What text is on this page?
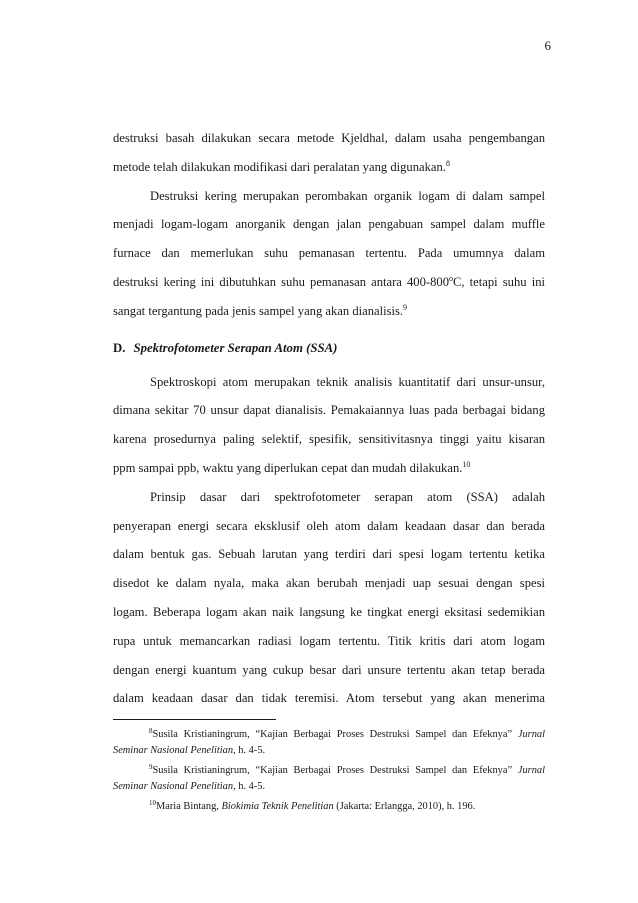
6

destruksi basah dilakukan secara metode Kjeldhal, dalam usaha pengembangan

metode telah dilakukan modifikasi dari peralatan yang digunakan.$^8$

Destruksi kering merupakan perombakan organik logam di dalam sampel

menjadi logam-logam anorganik dengan jalan pengabuan sampel dalam muffle

furnace dan memerlukan suhu pemanasan tertentu. Pada umumnya dalam

destruksi kering ini dibutuhkan suhu pemanasan antara 400-800$^o$C, tetapi suhu ini

sangat tergantung pada jenis sampel yang akan dianalisis.$^9$

D. Spektrofotometer Serapan Atom (SSA)

Spektroskopi atom merupakan teknik analisis kuantitatif dari unsur-unsur,

dimana sekitar 70 unsur dapat dianalisis. Pemakaiannya luas pada berbagai bidang

karena prosedurnya paling selektif, spesifik, sensitivitasnya tinggi yaitu kisaran

ppm sampai ppb, waktu yang diperlukan cepat dan mudah dilakukan.$^{10}$

Prinsip dasar dari spektrofotometer serapan atom (SSA) adalah

penyerapan energi secara eksklusif oleh atom dalam keadaan dasar dan berada

dalam bentuk gas. Sebuah larutan yang terdiri dari spesi logam tertentu ketika

disedot ke dalam nyala, maka akan berubah menjadi uap sesuai dengan spesi

logam. Beberapa logam akan naik langsung ke tingkat energi eksitasi sedemikian

rupa untuk memancarkan radiasi logam tertentu. Titik kritis dari atom logam

dengan energi kuantum yang cukup besar dari unsure tertentu akan tetap berada

dalam keadaan dasar dan tidak teremisi. Atom tersebut yang akan menerima

$^8$Susila Kristianingrum, “Kajian Berbagai Proses Destruksi Sampel dan Efeknya” Jurnal
Seminar Nasional Penelitian, h. 4-5.
$^9$Susila Kristianingrum, “Kajian Berbagai Proses Destruksi Sampel dan Efeknya” Jurnal
Seminar Nasional Penelitian, h. 4-5.
$^{10}$Maria Bintang, Biokimia Teknik Penelitian (Jakarta: Erlangga, 2010), h. 196.
